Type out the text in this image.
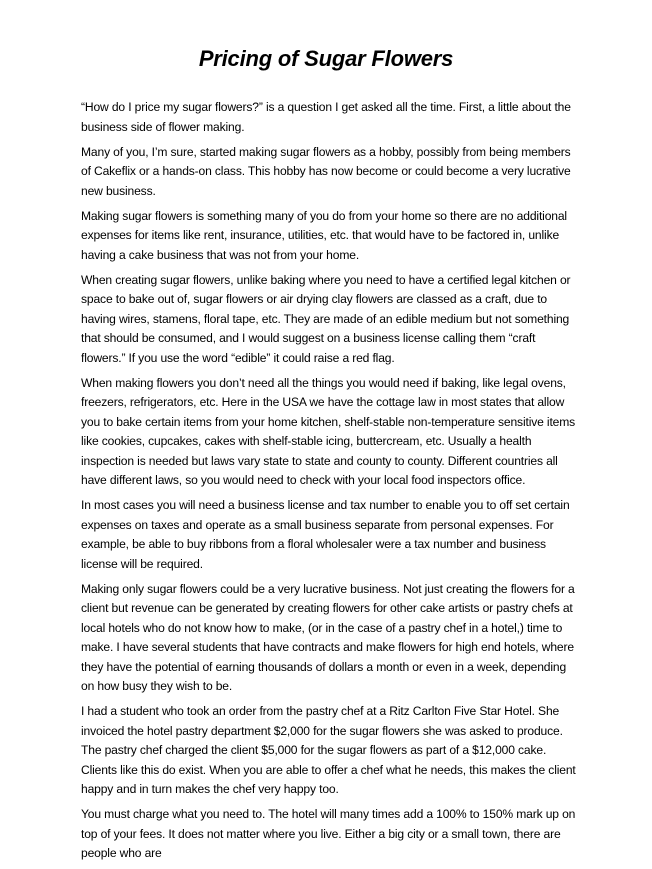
Pricing of Sugar Flowers

“How do I price my sugar flowers?” is a question I get asked all the time. First, a little about the business side of flower making.

Many of you, I’m sure, started making sugar flowers as a hobby, possibly from being members of Cakeflix or a hands-on class. This hobby has now become or could become a very lucrative new business.

Making sugar flowers is something many of you do from your home so there are no additional expenses for items like rent, insurance, utilities, etc. that would have to be factored in, unlike having a cake business that was not from your home.

When creating sugar flowers, unlike baking where you need to have a certified legal kitchen or space to bake out of, sugar flowers or air drying clay flowers are classed as a craft, due to having wires, stamens, floral tape, etc. They are made of an edible medium but not something that should be consumed, and I would suggest on a business license calling them “craft flowers.” If you use the word “edible” it could raise a red flag.

When making flowers you don’t need all the things you would need if baking, like legal ovens, freezers, refrigerators, etc. Here in the USA we have the cottage law in most states that allow you to bake certain items from your home kitchen, shelf-stable non-temperature sensitive items like cookies, cupcakes, cakes with shelf-stable icing, buttercream, etc. Usually a health inspection is needed but laws vary state to state and county to county. Different countries all have different laws, so you would need to check with your local food inspectors office.

In most cases you will need a business license and tax number to enable you to off set certain expenses on taxes and operate as a small business separate from personal expenses. For example, be able to buy ribbons from a floral wholesaler were a tax number and business license will be required.

Making only sugar flowers could be a very lucrative business. Not just creating the flowers for a client but revenue can be generated by creating flowers for other cake artists or pastry chefs at local hotels who do not know how to make, (or in the case of a pastry chef in a hotel,) time to make. I have several students that have contracts and make flowers for high end hotels, where they have the potential of earning thousands of dollars a month or even in a week, depending on how busy they wish to be.

I had a student who took an order from the pastry chef at a Ritz Carlton Five Star Hotel. She invoiced the hotel pastry department $2,000 for the sugar flowers she was asked to produce. The pastry chef charged the client $5,000 for the sugar flowers as part of a $12,000 cake. Clients like this do exist. When you are able to offer a chef what he needs, this makes the client happy and in turn makes the chef very happy too.

You must charge what you need to. The hotel will many times add a 100% to 150% mark up on top of your fees. It does not matter where you live. Either a big city or a small town, there are people who are
